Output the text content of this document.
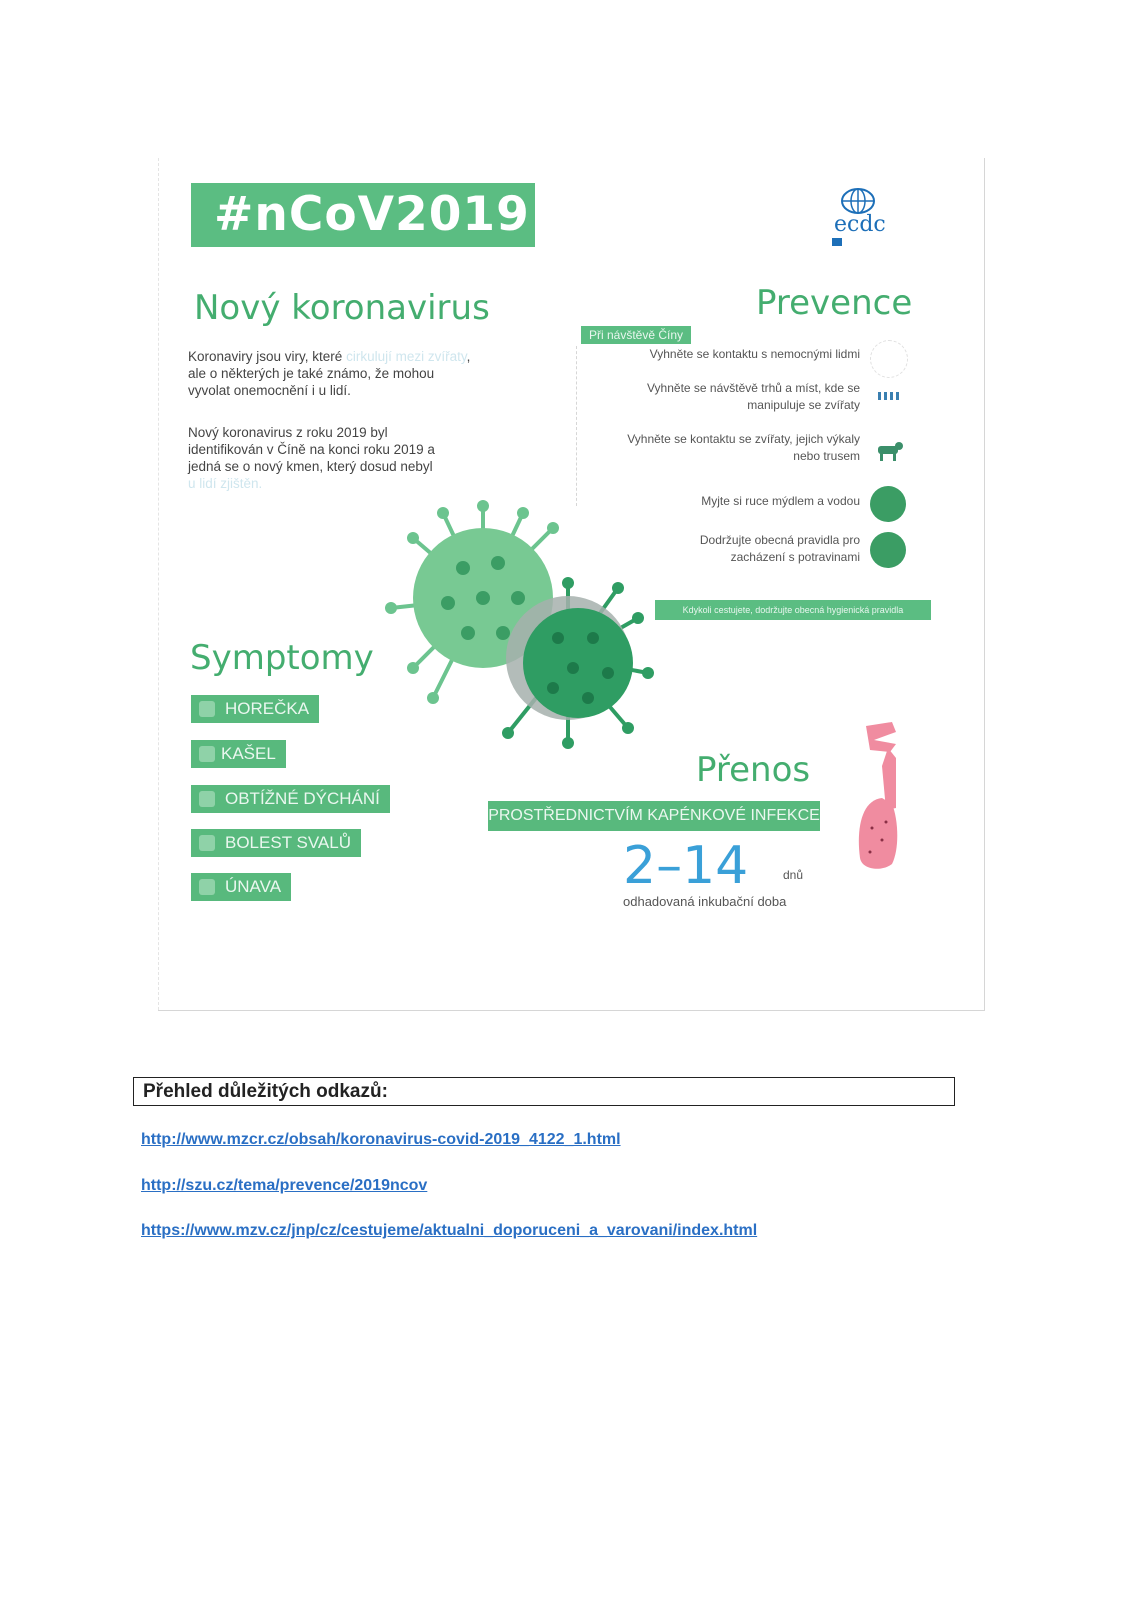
#nCoV2019	ecdc
Nový koronavirus
Koronaviry jsou viry, které cirkulují mezi zvířaty, ale o některých je také známo, že mohou vyvolat onemocnění i u lidí.
Nový koronavirus z roku 2019 byl identifikován v Číně na konci roku 2019 a jedná se o nový kmen, který dosud nebyl u lidí zjištěn.
Prevence
Při návštěvě Číny
Vyhněte se kontaktu s nemocnými lidmi
Vyhněte se návštěvě trhů a míst, kde se manipuluje se zvířaty
Vyhněte se kontaktu se zvířaty, jejich výkaly nebo trusem
Myjte si ruce mýdlem a vodou
Dodržujte obecná pravidla pro zacházení s potravinami
Kdykoli cestujete, dodržujte obecná hygienická pravidla
Symptomy
HOREČKA
KAŠEL
OBTÍŽNÉ DÝCHÁNÍ
BOLEST SVALŮ
ÚNAVA
Přenos
PROSTŘEDNICTVÍM KAPÉNKOVÉ INFEKCE
2–14	dnů
odhadovaná inkubační doba
Přehled důležitých odkazů:
http://www.mzcr.cz/obsah/koronavirus-covid-2019_4122_1.html
http://szu.cz/tema/prevence/2019ncov
https://www.mzv.cz/jnp/cz/cestujeme/aktualni_doporuceni_a_varovani/index.html
